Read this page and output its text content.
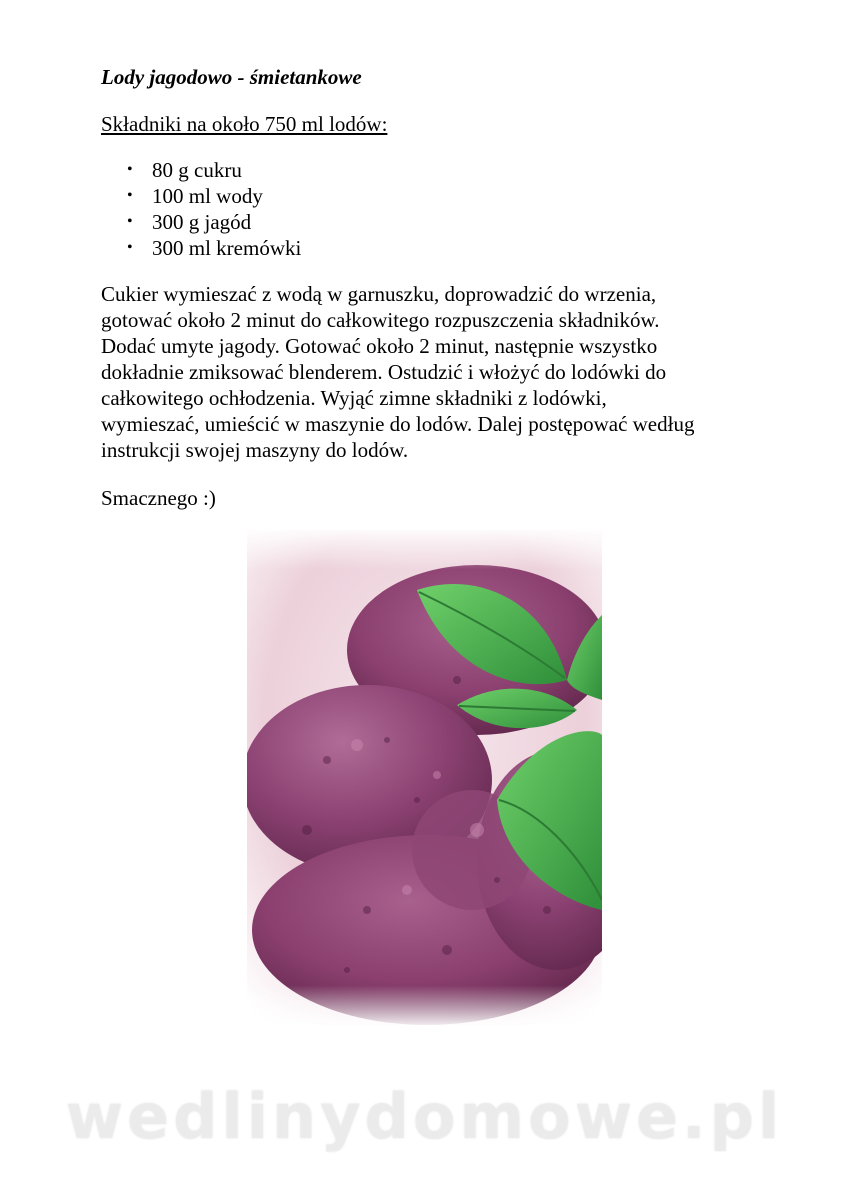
Lody jagodowo - śmietankowe

Składniki na około 750 ml lodów:

• 80 g cukru
• 100 ml wody
• 300 g jagód
• 300 ml kremówki

Cukier wymieszać z wodą w garnuszku, doprowadzić do wrzenia,
gotować około 2 minut do całkowitego rozpuszczenia składników.
Dodać umyte jagody. Gotować około 2 minut, następnie wszystko
dokładnie zmiksować blenderem. Ostudzić i włożyć do lodówki do
całkowitego ochłodzenia. Wyjąć zimne składniki z lodówki,
wymieszać, umieścić w maszynie do lodów. Dalej postępować według
instrukcji swojej maszyny do lodów.

Smacznego :)

wedlinydomowe.pl
